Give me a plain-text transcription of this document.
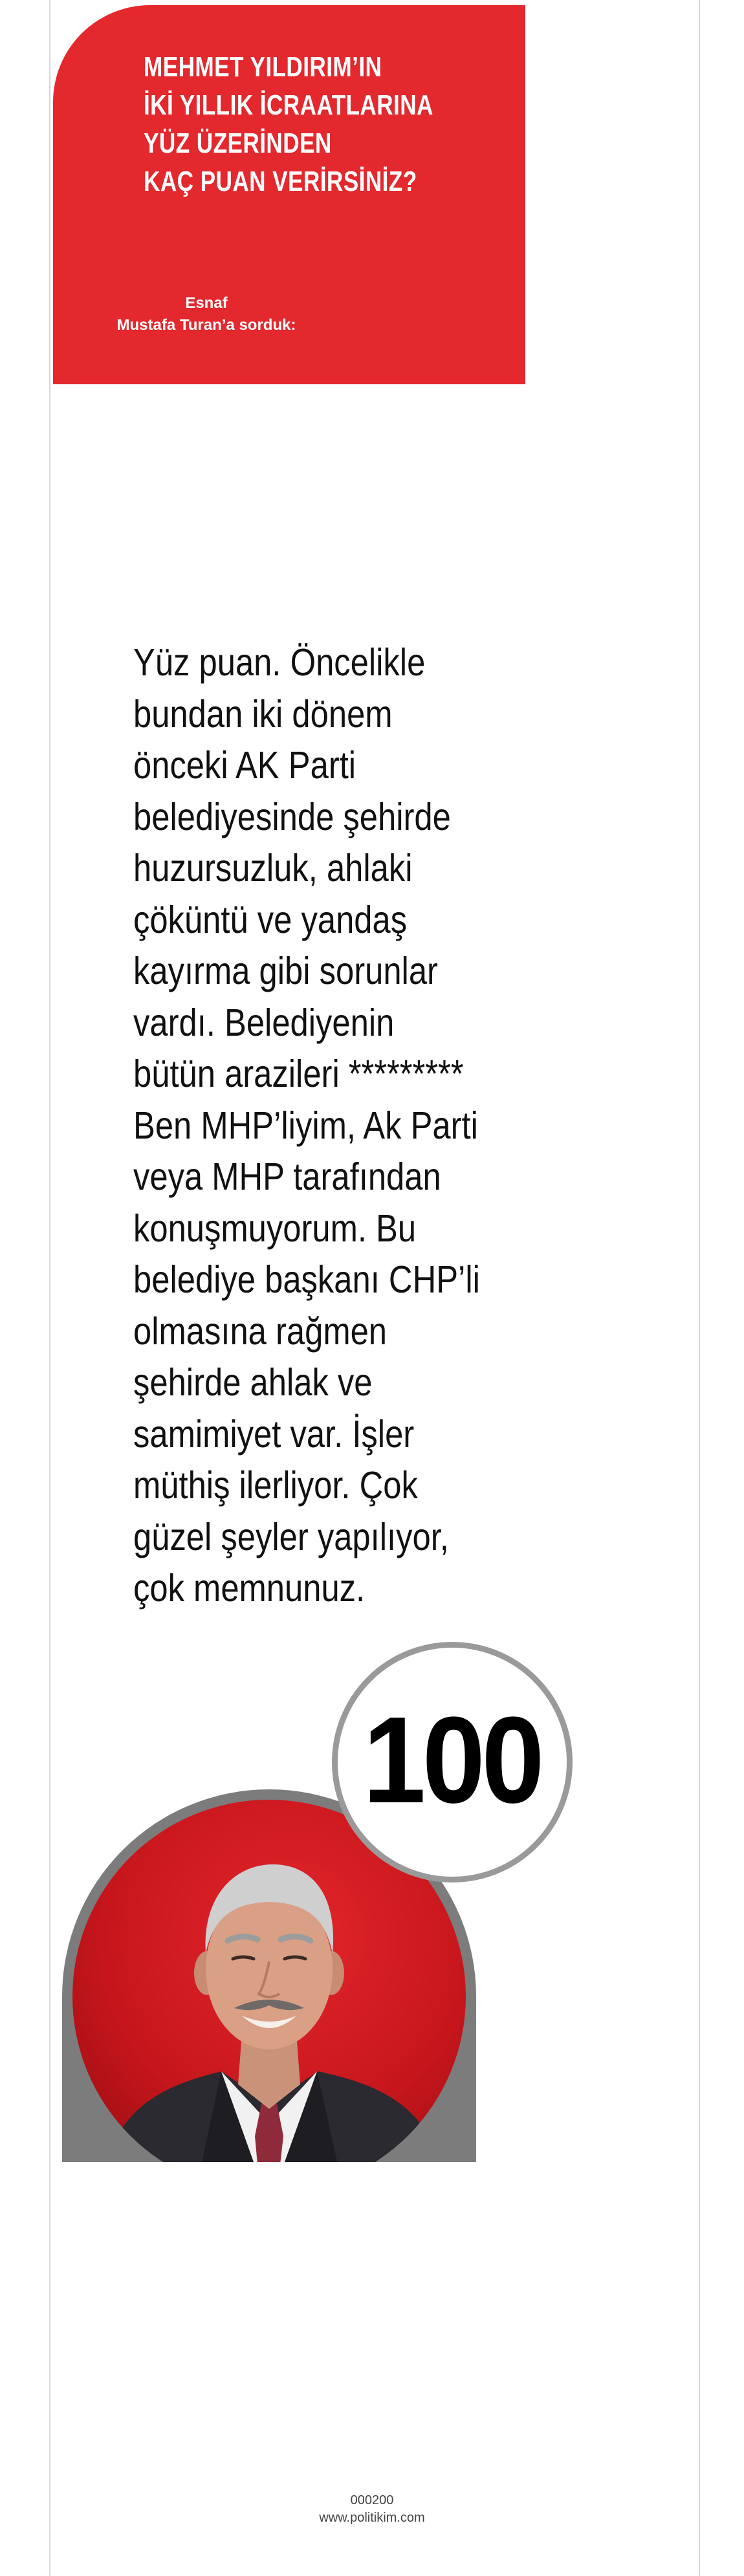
MEHMET YILDIRIM’IN
İKİ YILLIK İCRAATLARINA
YÜZ ÜZERİNDEN
KAÇ PUAN VERİRSİNİZ?
Esnaf
Mustafa Turan’a sorduk:
Yüz puan. Öncelikle
bundan iki dönem
önceki AK Parti
belediyesinde şehirde
huzursuzluk, ahlaki
çöküntü ve yandaş
kayırma gibi sorunlar
vardı. Belediyenin
bütün arazileri *********
Ben MHP’liyim, Ak Parti
veya MHP tarafından
konuşmuyorum. Bu
belediye başkanı CHP’li
olmasına rağmen
şehirde ahlak ve
samimiyet var. İşler
müthiş ilerliyor. Çok
güzel şeyler yapılıyor,
çok memnunuz.
100
000200
www.politikim.com
